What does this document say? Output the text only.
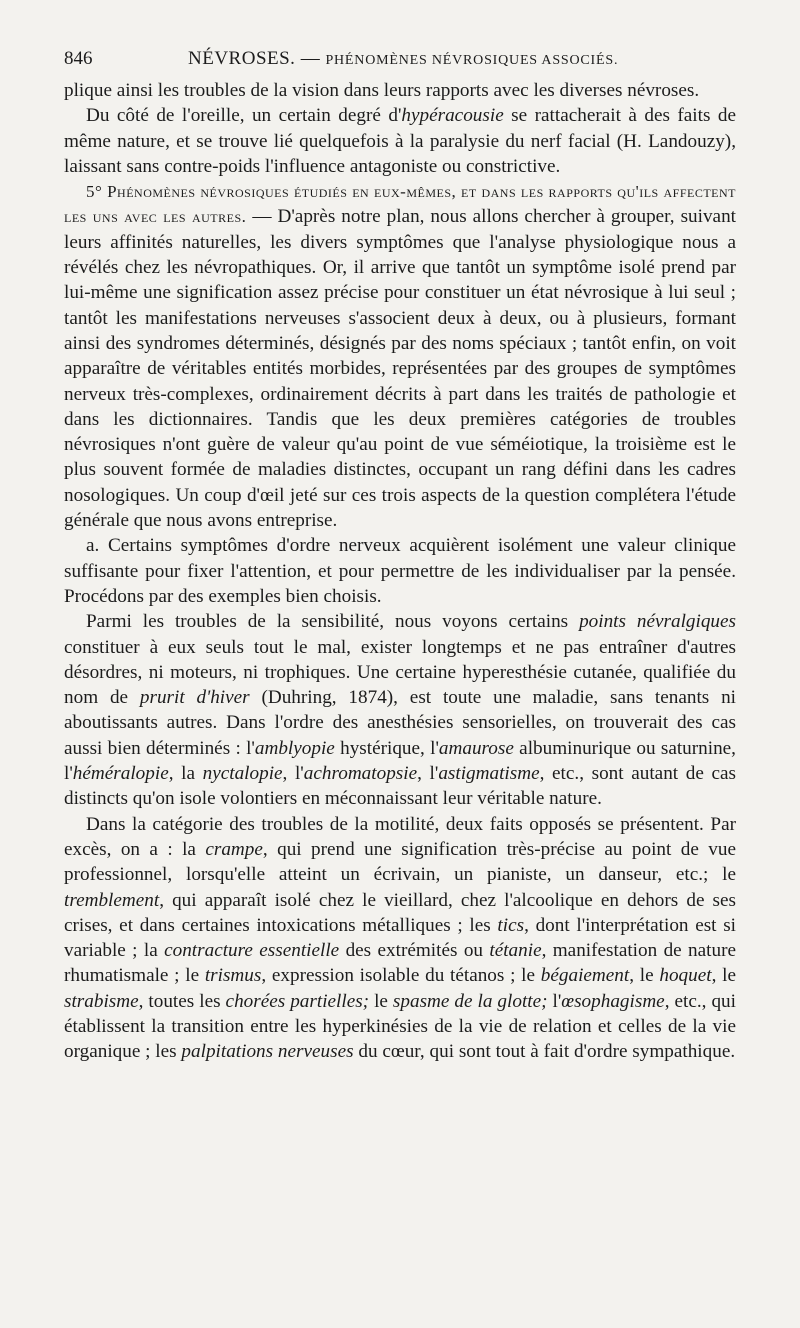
846	NÉVROSES. — PHÉNOMÈNES NÉVROSIQUES ASSOCIÉS.

plique ainsi les troubles de la vision dans leurs rapports avec les diverses névroses.

Du côté de l'oreille, un certain degré d'hypéracousie se rattacherait à des faits de même nature, et se trouve lié quelquefois à la paralysie du nerf facial (H. Landouzy), laissant sans contre-poids l'influence antagoniste ou constrictive.

5° Phénomènes névrosiques étudiés en eux-mêmes, et dans les rapports qu'ils affectent les uns avec les autres. — D'après notre plan, nous allons chercher à grouper, suivant leurs affinités naturelles, les divers symptômes que l'analyse physiologique nous a révélés chez les névropathiques. Or, il arrive que tantôt un symptôme isolé prend par lui-même une signification assez précise pour constituer un état névrosique à lui seul ; tantôt les manifestations nerveuses s'associent deux à deux, ou à plusieurs, formant ainsi des syndromes déterminés, désignés par des noms spéciaux ; tantôt enfin, on voit apparaître de véritables entités morbides, représentées par des groupes de symptômes nerveux très-complexes, ordinairement décrits à part dans les traités de pathologie et dans les dictionnaires. Tandis que les deux premières catégories de troubles névrosiques n'ont guère de valeur qu'au point de vue séméiotique, la troisième est le plus souvent formée de maladies distinctes, occupant un rang défini dans les cadres nosologiques. Un coup d'œil jeté sur ces trois aspects de la question complétera l'étude générale que nous avons entreprise.

a. Certains symptômes d'ordre nerveux acquièrent isolément une valeur clinique suffisante pour fixer l'attention, et pour permettre de les individualiser par la pensée. Procédons par des exemples bien choisis.

Parmi les troubles de la sensibilité, nous voyons certains points névralgiques constituer à eux seuls tout le mal, exister longtemps et ne pas entraîner d'autres désordres, ni moteurs, ni trophiques. Une certaine hyperesthésie cutanée, qualifiée du nom de prurit d'hiver (Duhring, 1874), est toute une maladie, sans tenants ni aboutissants autres. Dans l'ordre des anesthésies sensorielles, on trouverait des cas aussi bien déterminés : l'amblyopie hystérique, l'amaurose albuminurique ou saturnine, l'héméralopie, la nyctalopie, l'achromatopsie, l'astigmatisme, etc., sont autant de cas distincts qu'on isole volontiers en méconnaissant leur véritable nature.

Dans la catégorie des troubles de la motilité, deux faits opposés se présentent. Par excès, on a : la crampe, qui prend une signification très-précise au point de vue professionnel, lorsqu'elle atteint un écrivain, un pianiste, un danseur, etc.; le tremblement, qui apparaît isolé chez le vieillard, chez l'alcoolique en dehors de ses crises, et dans certaines intoxications métalliques ; les tics, dont l'interprétation est si variable ; la contracture essentielle des extrémités ou tétanie, manifestation de nature rhumatismale ; le trismus, expression isolable du tétanos ; le bégaiement, le hoquet, le strabisme, toutes les chorées partielles; le spasme de la glotte; l'œsophagisme, etc., qui établissent la transition entre les hyperkinésies de la vie de relation et celles de la vie organique ; les palpitations nerveuses du cœur, qui sont tout à fait d'ordre sympathique.
